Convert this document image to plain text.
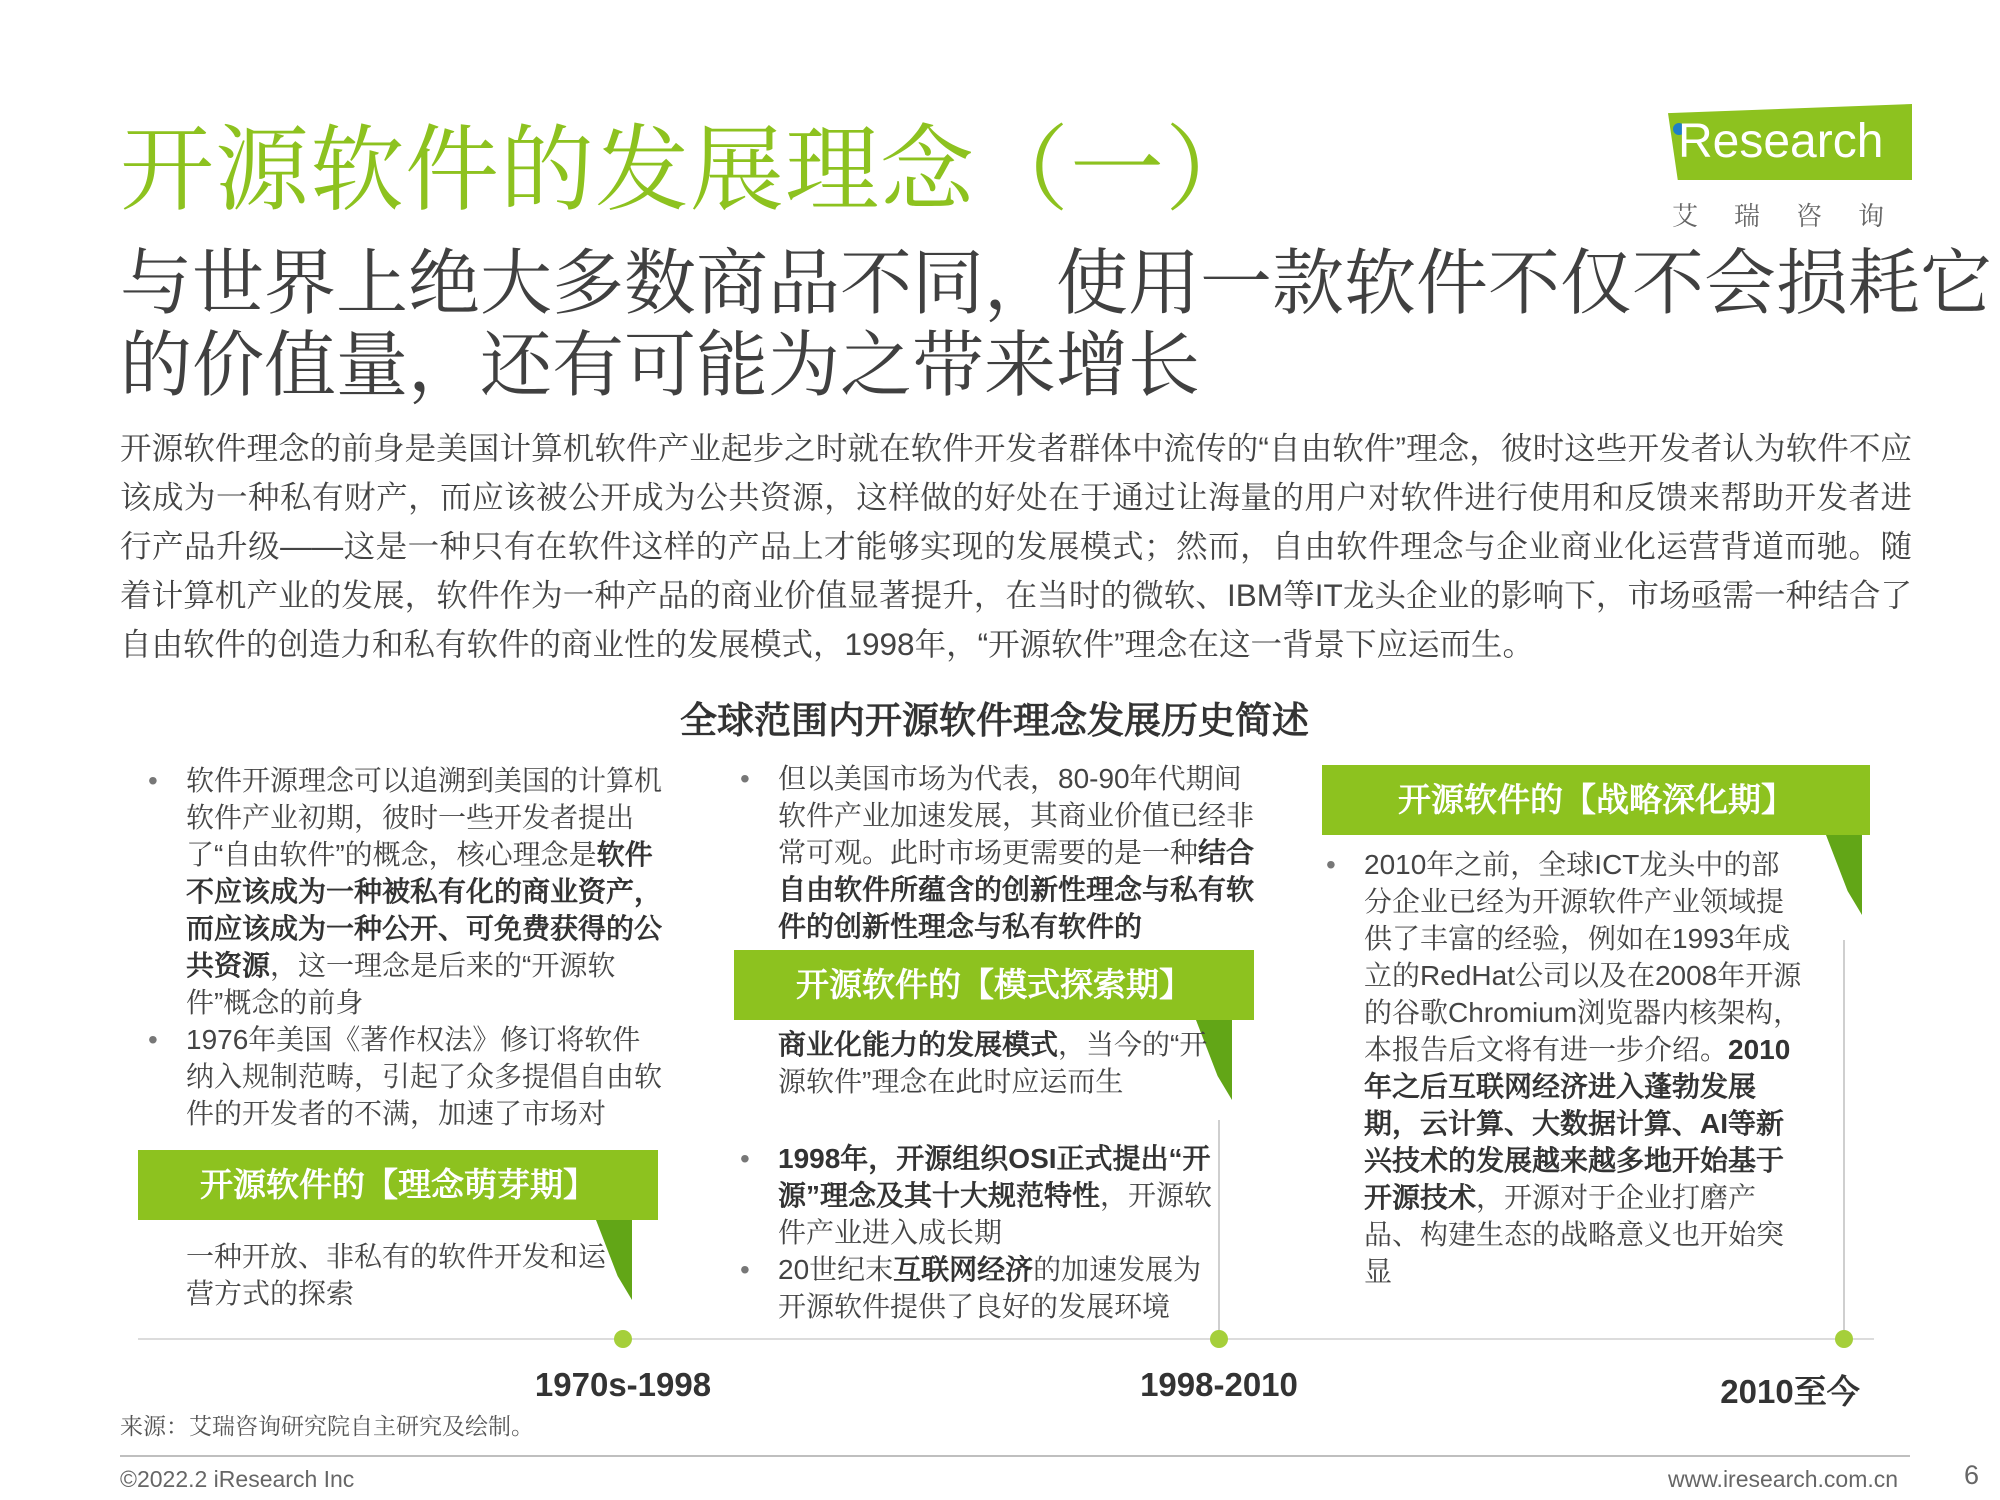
开源软件的发展理念（一）
与世界上绝大多数商品不同，使用一款软件不仅不会损耗它
的价值量，还有可能为之带来增长
Research
艾瑞咨询
开源软件理念的前身是美国计算机软件产业起步之时就在软件开发者群体中流传的“自由软件”理念，彼时这些开发者认为软件不应该成为一种私有财产，而应该被公开成为公共资源，这样做的好处在于通过让海量的用户对软件进行使用和反馈来帮助开发者进行产品升级——这是一种只有在软件这样的产品上才能够实现的发展模式；然而，自由软件理念与企业商业化运营背道而驰。随着计算机产业的发展，软件作为一种产品的商业价值显著提升，在当时的微软、IBM等IT龙头企业的影响下，市场亟需一种结合了自由软件的创造力和私有软件的商业性的发展模式，1998年，“开源软件”理念在这一背景下应运而生。
全球范围内开源软件理念发展历史简述
• 软件开源理念可以追溯到美国的计算机软件产业初期，彼时一些开发者提出了“自由软件”的概念，核心理念是软件不应该成为一种被私有化的商业资产，而应该成为一种公开、可免费获得的公共资源，这一理念是后来的“开源软件”概念的前身
• 1976年美国《著作权法》修订将软件纳入规制范畴，引起了众多提倡自由软件的开发者的不满，加速了市场对
开源软件的【理念萌芽期】
一种开放、非私有的软件开发和运营方式的探索
• 但以美国市场为代表，80-90年代期间软件产业加速发展，其商业价值已经非常可观。此时市场更需要的是一种结合自由软件所蕴含的创新性理念与私有软件的创新性理念与私有软件的
开源软件的【模式探索期】
商业化能力的发展模式，当今的“开源软件”理念在此时应运而生
• 1998年，开源组织OSI正式提出“开源”理念及其十大规范特性，开源软件产业进入成长期
• 20世纪末互联网经济的加速发展为开源软件提供了良好的发展环境
开源软件的【战略深化期】
• 2010年之前，全球ICT龙头中的部分企业已经为开源软件产业领域提供了丰富的经验，例如在1993年成立的RedHat公司以及在2008年开源的谷歌Chromium浏览器内核架构，本报告后文将有进一步介绍。2010年之后互联网经济进入蓬勃发展期，云计算、大数据计算、AI等新兴技术的发展越来越多地开始基于开源技术，开源对于企业打磨产品、构建生态的战略意义也开始突显
1970s-1998	1998-2010	2010至今
来源：艾瑞咨询研究院自主研究及绘制。
©2022.2 iResearch Inc	www.iresearch.com.cn 6
